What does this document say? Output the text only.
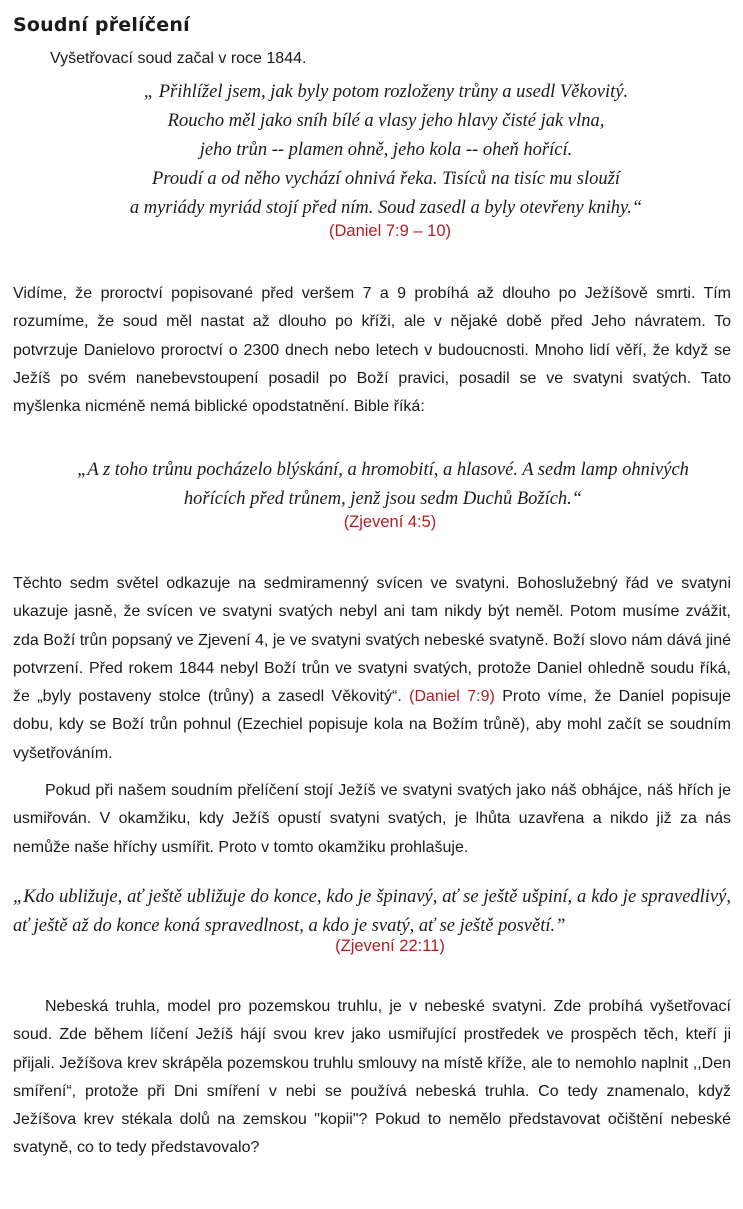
Soudní přelíčení
Vyšetřovací soud začal v roce 1844.
„ Přihlížel jsem, jak byly potom rozloženy trůny a usedl Věkovitý.
Roucho měl jako sníh bílé a vlasy jeho hlavy čisté jak vlna,
jeho trůn -- plamen ohně, jeho kola -- oheň hořící.
Proudí a od něho vychází ohnivá řeka. Tisíců na tisíc mu slouží
a myriády myriád stojí před ním. Soud zasedl a byly otevřeny knihy.“
(Daniel 7:9 – 10)
Vidíme, že proroctví popisované před veršem 7 a 9 probíhá až dlouho po Ježíšově smrti. Tím rozumíme, že soud měl nastat až dlouho po kříži, ale v nějaké době před Jeho návratem. To potvrzuje Danielovo proroctví o 2300 dnech nebo letech v budoucnosti. Mnoho lidí věří, že když se Ježíš po svém nanebevstoupení posadil po Boží pravici, posadil se ve svatyni svatých. Tato myšlenka nicméně nemá biblické opodstatnění. Bible říká:
„A z toho trůnu pocházelo blýskání, a hromobití, a hlasové. A sedm lamp ohnivých
hořících před trůnem, jenž jsou sedm Duchů Božích.“
(Zjevení 4:5)
Těchto sedm světel odkazuje na sedmiramenný svícen ve svatyni. Bohoslužebný řád ve svatyni ukazuje jasně, že svícen ve svatyni svatých nebyl ani tam nikdy být neměl. Potom musíme zvážit, zda Boží trůn popsaný ve Zjevení 4, je ve svatyni svatých nebeské svatyně. Boží slovo nám dává jiné potvrzení. Před rokem 1844 nebyl Boží trůn ve svatyni svatých, protože Daniel ohledně soudu říká, že „byly postaveny stolce (trůny) a zasedl Věkovitý“. (Daniel 7:9) Proto víme, že Daniel popisuje dobu, kdy se Boží trůn pohnul (Ezechiel popisuje kola na Božím trůně), aby mohl začít se soudním vyšetřováním.
Pokud při našem soudním přelíčení stojí Ježíš ve svatyni svatých jako náš obhájce, náš hřích je usmiřován. V okamžiku, kdy Ježíš opustí svatyni svatých, je lhůta uzavřena a nikdo již za nás nemůže naše hříchy usmířit. Proto v tomto okamžiku prohlašuje.
„Kdo ubližuje, ať ještě ubližuje do konce, kdo je špinavý, ať se ještě ušpiní, a kdo je spravedlivý, ať ještě až do konce koná spravedlnost, a kdo je svatý, ať se ještě posvětí.”
(Zjevení 22:11)
Nebeská truhla, model pro pozemskou truhlu, je v nebeské svatyni. Zde probíhá vyšetřovací soud. Zde během líčení Ježíš hájí svou krev jako usmiřující prostředek ve prospěch těch, kteří ji přijali. Ježíšova krev skrápěla pozemskou truhlu smlouvy na místě kříže, ale to nemohlo naplnit ,,Den smíření“, protože při Dni smíření v nebi se používá nebeská truhla. Co tedy znamenalo, když Ježíšova krev stékala dolů na zemskou "kopii"? Pokud to nemělo představovat očištění nebeské svatyně, co to tedy představovalo?
